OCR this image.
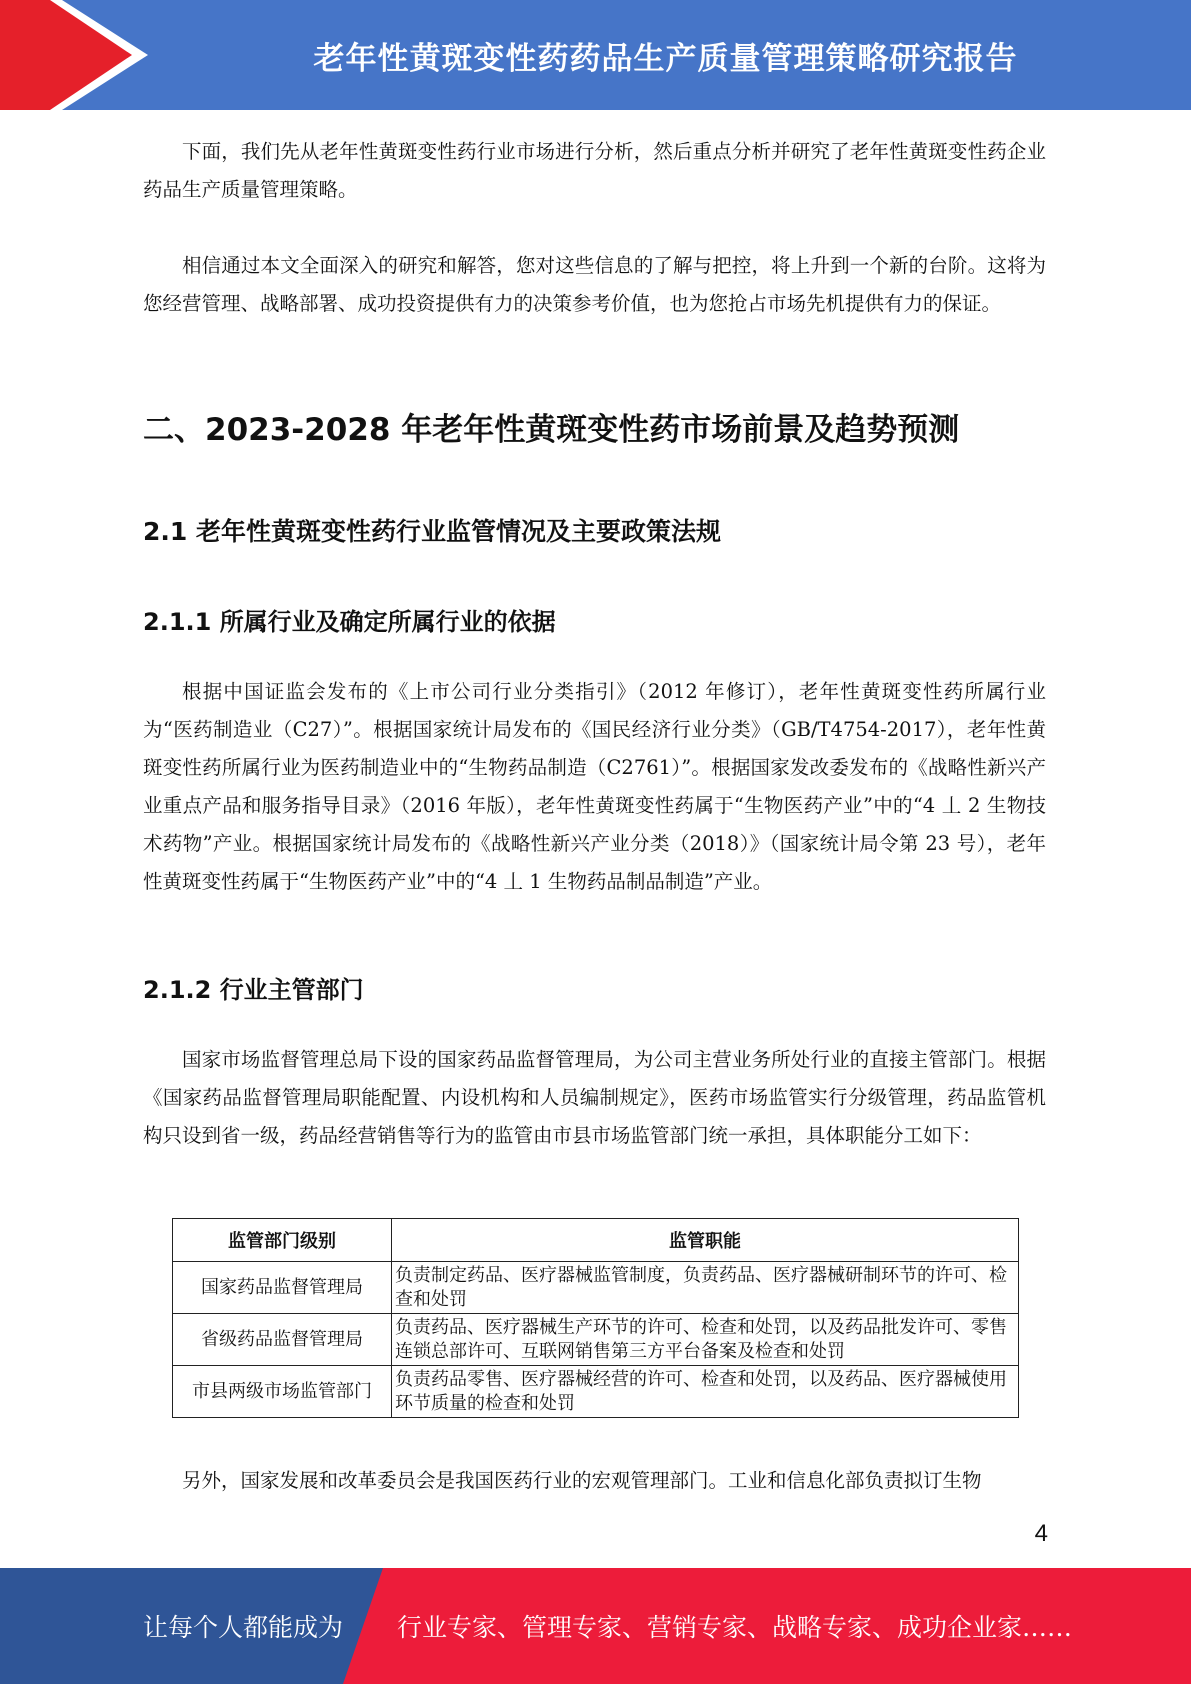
老年性黄斑变性药药品生产质量管理策略研究报告

下面，我们先从老年性黄斑变性药行业市场进行分析，然后重点分析并研究了老年性黄斑变性药企业药品生产质量管理策略。

相信通过本文全面深入的研究和解答，您对这些信息的了解与把控，将上升到一个新的台阶。这将为您经营管理、战略部署、成功投资提供有力的决策参考价值，也为您抢占市场先机提供有力的保证。

二、2023-2028 年老年性黄斑变性药市场前景及趋势预测
2.1 老年性黄斑变性药行业监管情况及主要政策法规
2.1.1 所属行业及确定所属行业的依据

根据中国证监会发布的《上市公司行业分类指引》（2012 年修订），老年性黄斑变性药所属行业为“医药制造业（C27）”。根据国家统计局发布的《国民经济行业分类》（GB/T4754-2017），老年性黄斑变性药所属行业为医药制造业中的“生物药品制造（C2761）”。根据国家发改委发布的《战略性新兴产业重点产品和服务指导目录》（2016 年版），老年性黄斑变性药属于“生物医药产业”中的“4 丄 2 生物技术药物”产业。根据国家统计局发布的《战略性新兴产业分类（2018）》（国家统计局令第 23 号），老年性黄斑变性药属于“生物医药产业”中的“4 丄 1 生物药品制品制造”产业。

2.1.2 行业主管部门

国家市场监督管理总局下设的国家药品监督管理局，为公司主营业务所处行业的直接主管部门。根据《国家药品监督管理局职能配置、内设机构和人员编制规定》，医药市场监管实行分级管理，药品监管机构只设到省一级，药品经营销售等行为的监管由市县市场监管部门统一承担，具体职能分工如下：

监管部门级别	监管职能
国家药品监督管理局	负责制定药品、医疗器械监管制度，负责药品、医疗器械研制环节的许可、检查和处罚
省级药品监督管理局	负责药品、医疗器械生产环节的许可、检查和处罚，以及药品批发许可、零售连锁总部许可、互联网销售第三方平台备案及检查和处罚
市县两级市场监管部门	负责药品零售、医疗器械经营的许可、检查和处罚，以及药品、医疗器械使用环节质量的检查和处罚

另外，国家发展和改革委员会是我国医药行业的宏观管理部门。工业和信息化部负责拟订生物

4
让每个人都能成为 行业专家、管理专家、营销专家、战略专家、成功企业家……
